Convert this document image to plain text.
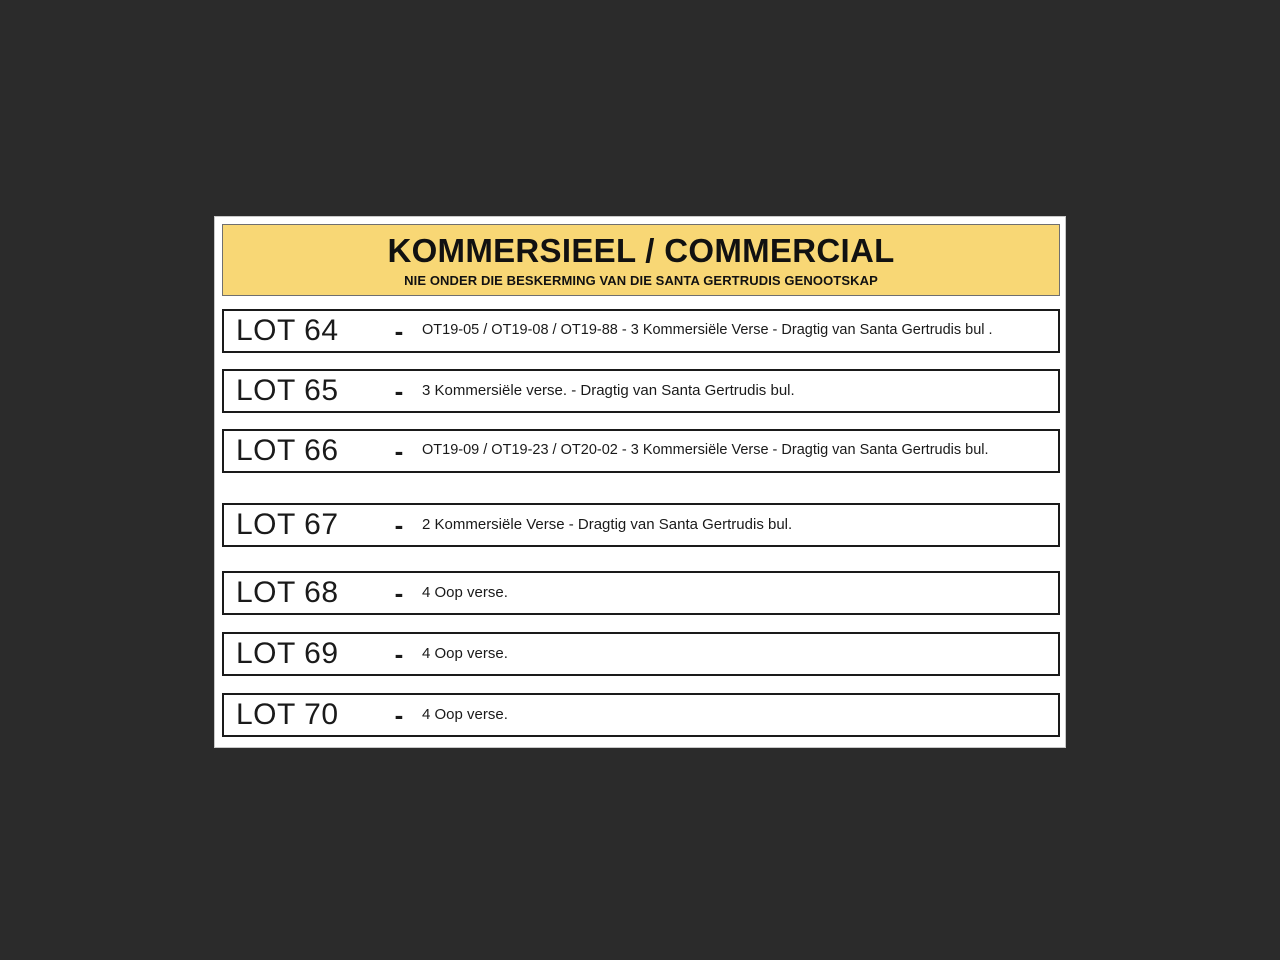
KOMMERSIEEL / COMMERCIAL
NIE ONDER DIE BESKERMING VAN DIE SANTA GERTRUDIS GENOOTSKAP
LOT 64	-	OT19-05 / OT19-08 / OT19-88 - 3 Kommersiële Verse - Dragtig van Santa Gertrudis bul .
LOT 65	-	3 Kommersiële verse. - Dragtig van Santa Gertrudis bul.
LOT 66	-	OT19-09 / OT19-23 / OT20-02 - 3 Kommersiële Verse - Dragtig van Santa Gertrudis bul.
LOT 67	-	2 Kommersiële Verse - Dragtig van Santa Gertrudis bul.
LOT 68	-	4 Oop verse.
LOT 69	-	4 Oop verse.
LOT 70	-	4 Oop verse.
